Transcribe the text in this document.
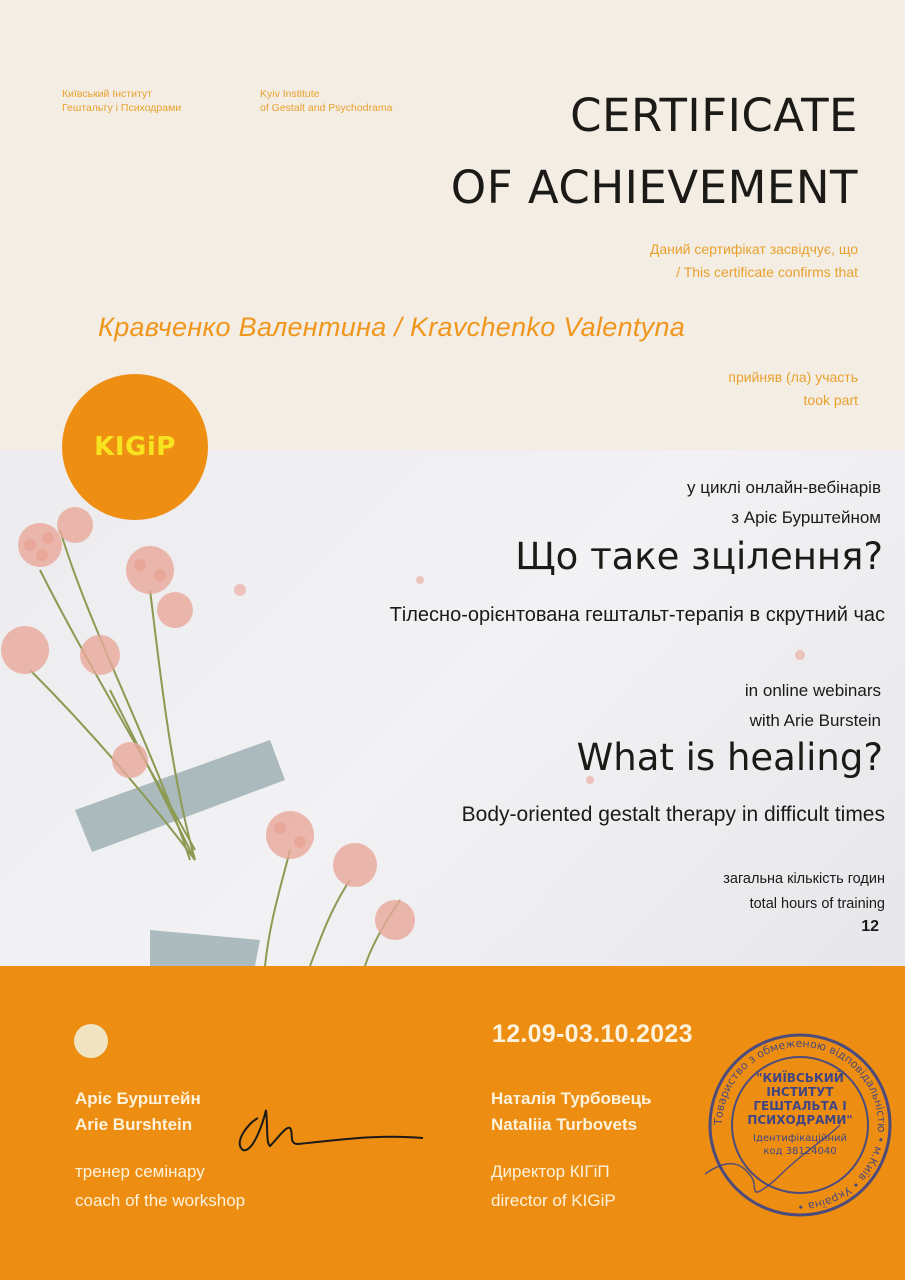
Київський Інститут
Гештальту і Психодрами
Kyiv Institute
of Gestalt and Psychodrama	CERTIFICATE
OF ACHIEVEMENT
Даний сертифікат засвідчує, що
/ This certificate confirms that
Кравченко Валентина / Kravchenko Valentyna
прийняв (ла) участь
took part
KIGiP
у циклі онлайн-вебінарів
з Аріє Бурштейном
Що таке зцілення?
Тілесно-орієнтована гештальт-терапія в скрутний час
in online webinars
with Arie Burstein
What is healing?
Body-oriented gestalt therapy in difficult times
загальна кількість годин
total hours of training
12
Аріє Бурштейн
Arie Burshtein
тренер семінару
coach of the workshop
12.09-03.10.2023
Наталія Турбовець
Nataliia Turbovets
Директор КІГіП
director of KIGiP
Товариство з обмеженою відповідальністю • м.Київ • Україна •
"КИЇВСЬКИЙ
ІНСТИТУТ
ГЕШТАЛЬТА І
ПСИХОДРАМИ"
Ідентифікаційний
код 38124040
